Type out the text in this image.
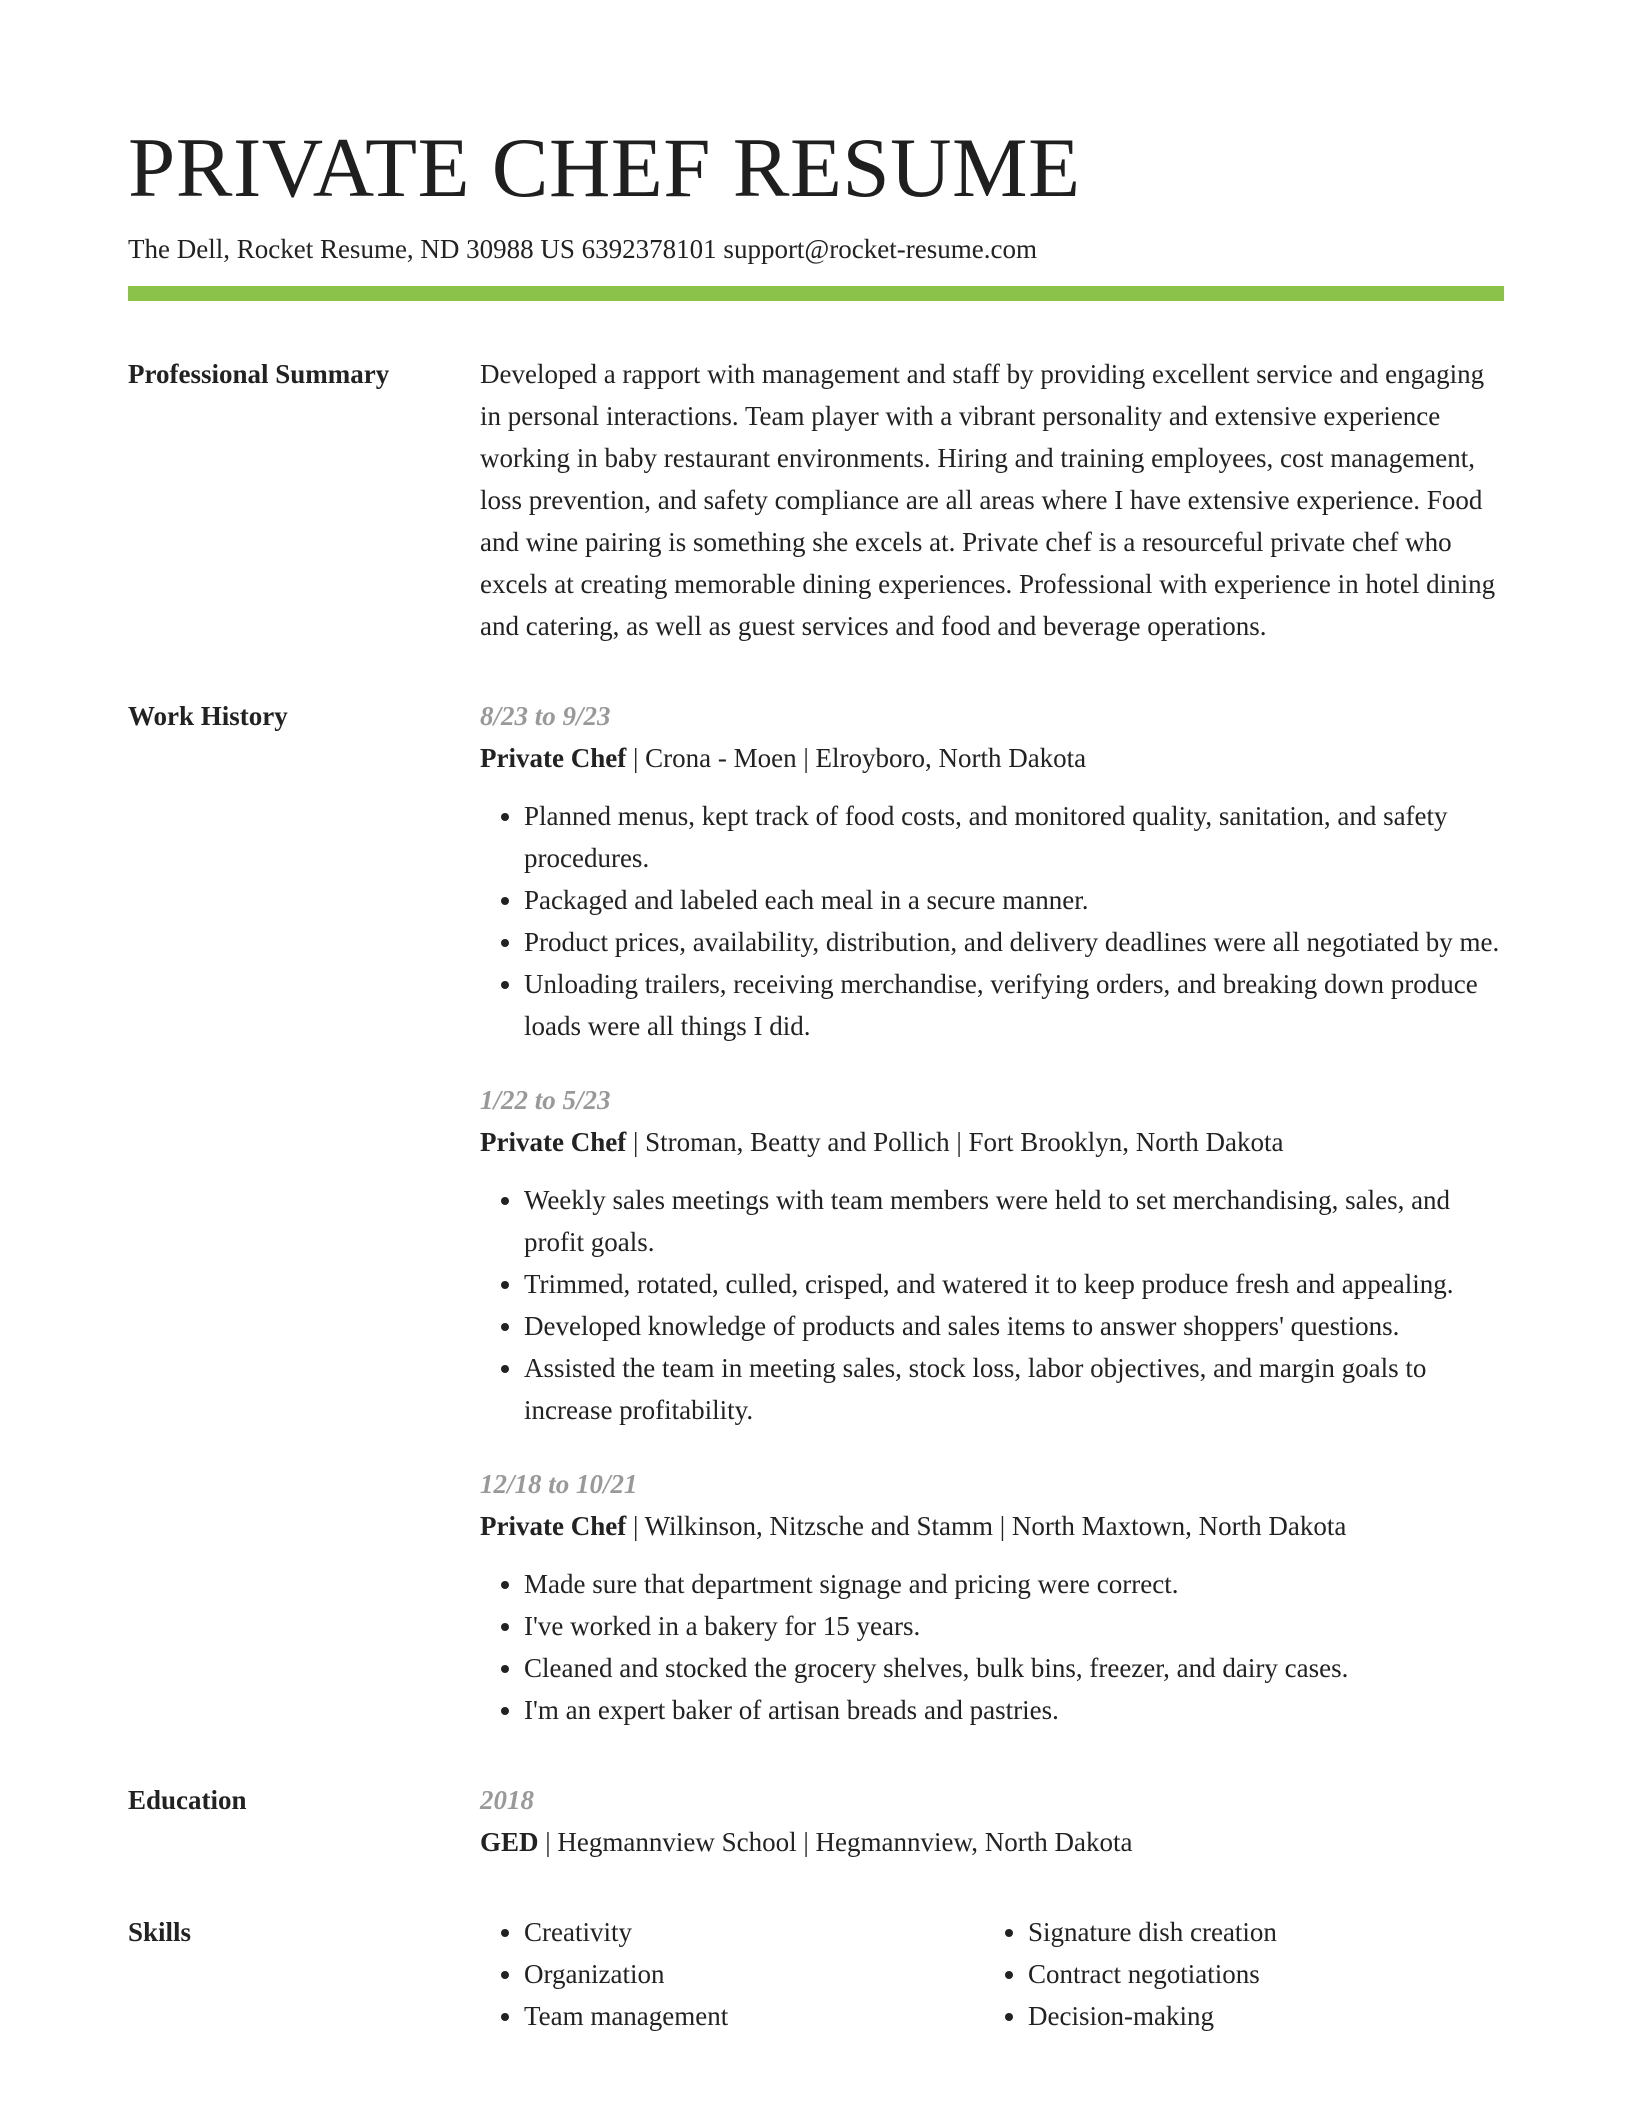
PRIVATE CHEF RESUME
The Dell, Rocket Resume, ND 30988 US 6392378101 support@rocket-resume.com
Professional Summary	Developed a rapport with management and staff by providing excellent service and engaging in personal interactions. Team player with a vibrant personality and extensive experience working in baby restaurant environments. Hiring and training employees, cost management, loss prevention, and safety compliance are all areas where I have extensive experience. Food and wine pairing is something she excels at. Private chef is a resourceful private chef who excels at creating memorable dining experiences. Professional with experience in hotel dining and catering, as well as guest services and food and beverage operations.

Work History	8/23 to 9/23
Private Chef | Crona - Moen | Elroyboro, North Dakota
• Planned menus, kept track of food costs, and monitored quality, sanitation, and safety procedures.
• Packaged and labeled each meal in a secure manner.
• Product prices, availability, distribution, and delivery deadlines were all negotiated by me.
• Unloading trailers, receiving merchandise, verifying orders, and breaking down produce loads were all things I did.
1/22 to 5/23
Private Chef | Stroman, Beatty and Pollich | Fort Brooklyn, North Dakota
• Weekly sales meetings with team members were held to set merchandising, sales, and profit goals.
• Trimmed, rotated, culled, crisped, and watered it to keep produce fresh and appealing.
• Developed knowledge of products and sales items to answer shoppers' questions.
• Assisted the team in meeting sales, stock loss, labor objectives, and margin goals to increase profitability.
12/18 to 10/21
Private Chef | Wilkinson, Nitzsche and Stamm | North Maxtown, North Dakota
• Made sure that department signage and pricing were correct.
• I've worked in a bakery for 15 years.
• Cleaned and stocked the grocery shelves, bulk bins, freezer, and dairy cases.
• I'm an expert baker of artisan breads and pastries.
Education	2018
GED | Hegmannview School | Hegmannview, North Dakota
Skills
•	Creativity
• Organization
• Team management
• Signature dish creation
• Contract negotiations
• Decision-making
